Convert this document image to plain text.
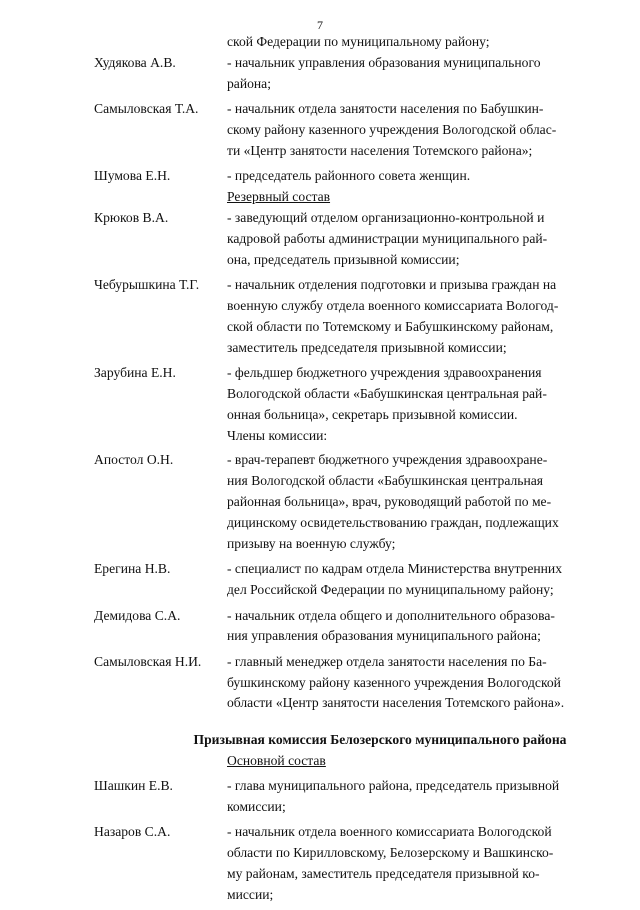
7
ской Федерации по муниципальному району;
Худякова А.В.	- начальник управления образования муниципального
района;
Самыловская Т.А.	- начальник отдела занятости населения по Бабушкин-
скому району казенного учреждения Вологодской облас-
ти «Центр занятости населения Тотемского района»;
Шумова Е.Н.	- председатель районного совета женщин.
Резервный состав
Крюков В.А.	- заведующий отделом организационно-контрольной и
кадровой работы администрации муниципального рай-
она, председатель призывной комиссии;
Чебурышкина Т.Г.	- начальник отделения подготовки и призыва граждан на
военную службу отдела военного комиссариата Вологод-
ской области по Тотемскому и Бабушкинскому районам,
заместитель председателя призывной комиссии;
Зарубина Е.Н.	- фельдшер бюджетного учреждения здравоохранения
Вологодской области «Бабушкинская центральная рай-
онная больница», секретарь призывной комиссии.
Члены комиссии:
Апостол О.Н.	- врач-терапевт бюджетного учреждения здравоохране-
ния Вологодской области «Бабушкинская центральная
районная больница», врач, руководящий работой по ме-
дицинскому освидетельствованию граждан, подлежащих
призыву на военную службу;
Ерегина Н.В.	- специалист по кадрам отдела Министерства внутренних
дел Российской Федерации по муниципальному району;
Демидова С.А.	- начальник отдела общего и дополнительного образова-
ния управления образования муниципального района;
Самыловская Н.И.	- главный менеджер отдела занятости населения по Ба-
бушкинскому району казенного учреждения Вологодской
области «Центр занятости населения Тотемского района».
Призывная комиссия Белозерского муниципального района
Основной состав
Шашкин Е.В.	- глава муниципального района, председатель призывной
комиссии;
Назаров С.А.	- начальник отдела военного комиссариата Вологодской
области по Кирилловскому, Белозерскому и Вашкинско-
му районам, заместитель председателя призывной ко-
миссии;
